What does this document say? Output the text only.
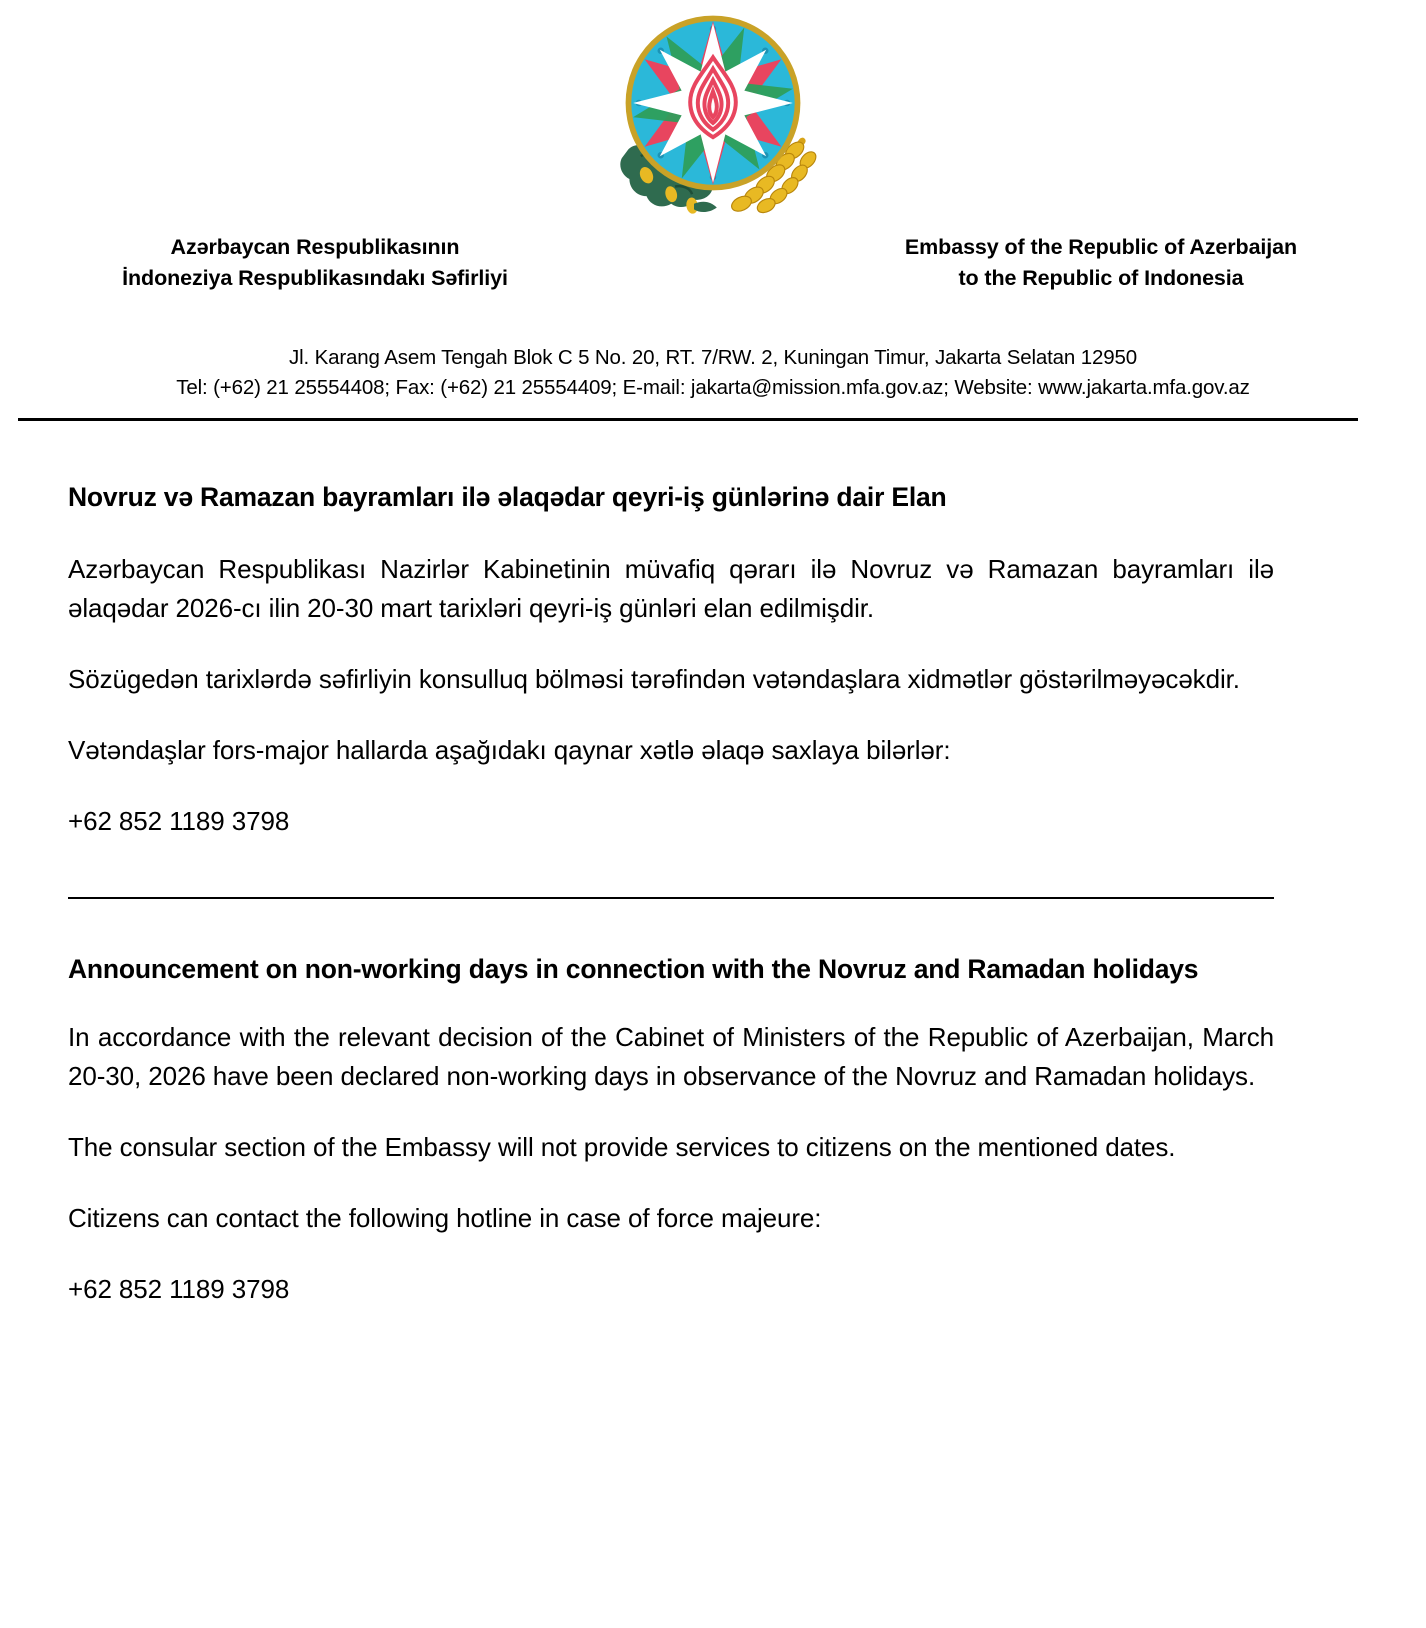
Azərbaycan Respublikasının
İndoneziya Respublikasındakı Səfirliyi
Embassy of the Republic of Azerbaijan
to the Republic of Indonesia
Jl. Karang Asem Tengah Blok C 5 No. 20, RT. 7/RW. 2, Kuningan Timur, Jakarta Selatan 12950
Tel: (+62) 21 25554408; Fax: (+62) 21 25554409; E-mail: jakarta@mission.mfa.gov.az; Website: www.jakarta.mfa.gov.az
Novruz və Ramazan bayramları ilə əlaqədar qeyri-iş günlərinə dair Elan

Azərbaycan Respublikası Nazirlər Kabinetinin müvafiq qərarı ilə Novruz və Ramazan bayramları ilə əlaqədar 2026-cı ilin 20-30 mart tarixləri qeyri-iş günləri elan edilmişdir.

Sözügedən tarixlərdə səfirliyin konsulluq bölməsi tərəfindən vətəndaşlara xidmətlər göstərilməyəcəkdir.

Vətəndaşlar fors-major hallarda aşağıdakı qaynar xətlə əlaqə saxlaya bilərlər:

+62 852 1189 3798

Announcement on non-working days in connection with the Novruz and Ramadan holidays

In accordance with the relevant decision of the Cabinet of Ministers of the Republic of Azerbaijan, March 20-30, 2026 have been declared non-working days in observance of the Novruz and Ramadan holidays.

The consular section of the Embassy will not provide services to citizens on the mentioned dates.

Citizens can contact the following hotline in case of force majeure:

+62 852 1189 3798
